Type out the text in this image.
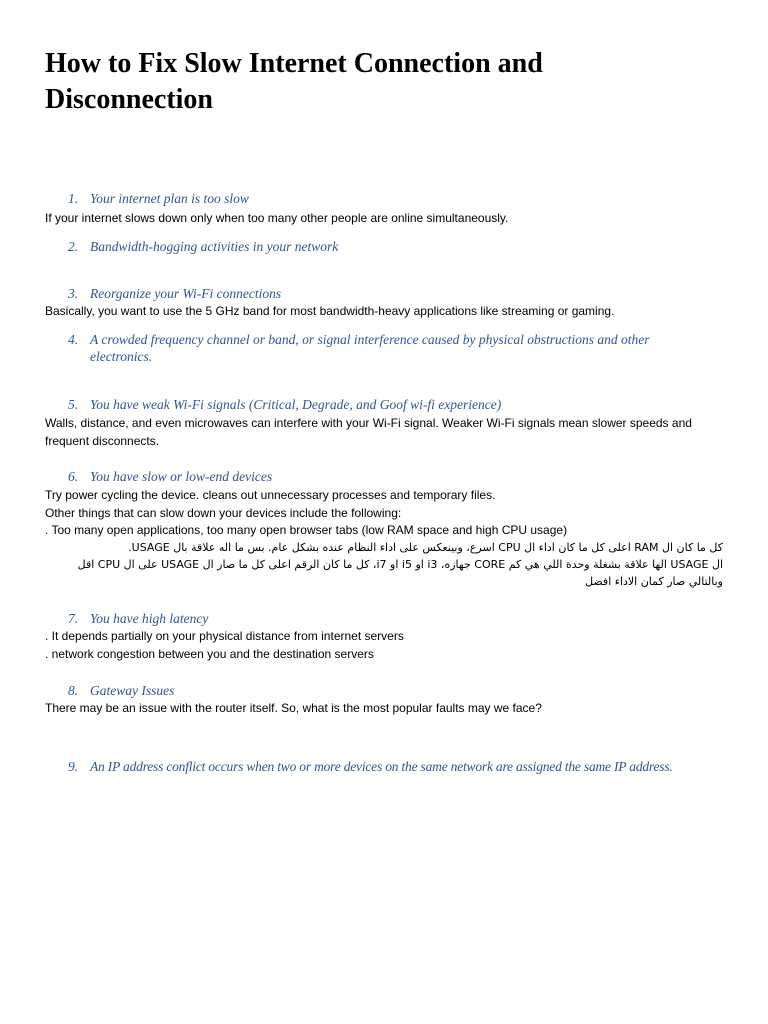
How to Fix Slow Internet Connection and Disconnection
1. Your internet plan is too slow

If your internet slows down only when too many other people are online simultaneously.

2. Bandwidth-hogging activities in your network
3. Reorganize your Wi-Fi connections

Basically, you want to use the 5 GHz band for most bandwidth-heavy applications like streaming or gaming.

4. A crowded frequency channel or band, or signal interference caused by physical obstructions and other electronics.
5. You have weak Wi-Fi signals (Critical, Degrade, and Goof wi-fi experience)

Walls, distance, and even microwaves can interfere with your Wi-Fi signal. Weaker Wi-Fi signals mean slower speeds and frequent disconnects.

6. You have slow or low-end devices

Try power cycling the device. cleans out unnecessary processes and temporary files.

Other things that can slow down your devices include the following:

. Too many open applications, too many open browser tabs (low RAM space and high CPU usage)

كل ما كان ال RAM اعلى كل ما كان اداء ال CPU اسرع، وبينعكس على اداء النظام عنده بشكل عام. بس ما اله علاقة بال USAGE.

ال USAGE الها علاقة بشغلة وحدة اللي هي كم CORE جهازه، i3 او i5 او i7، كل ما كان الرقم اعلى كل ما صار ال USAGE على ال CPU اقل وبالتالي صار كمان الاداء افضل

7. You have high latency

. It depends partially on your physical distance from internet servers

. network congestion between you and the destination servers

8. Gateway Issues

There may be an issue with the router itself. So, what is the most popular faults may we face?

9. An IP address conflict occurs when two or more devices on the same network are assigned the same IP address.
